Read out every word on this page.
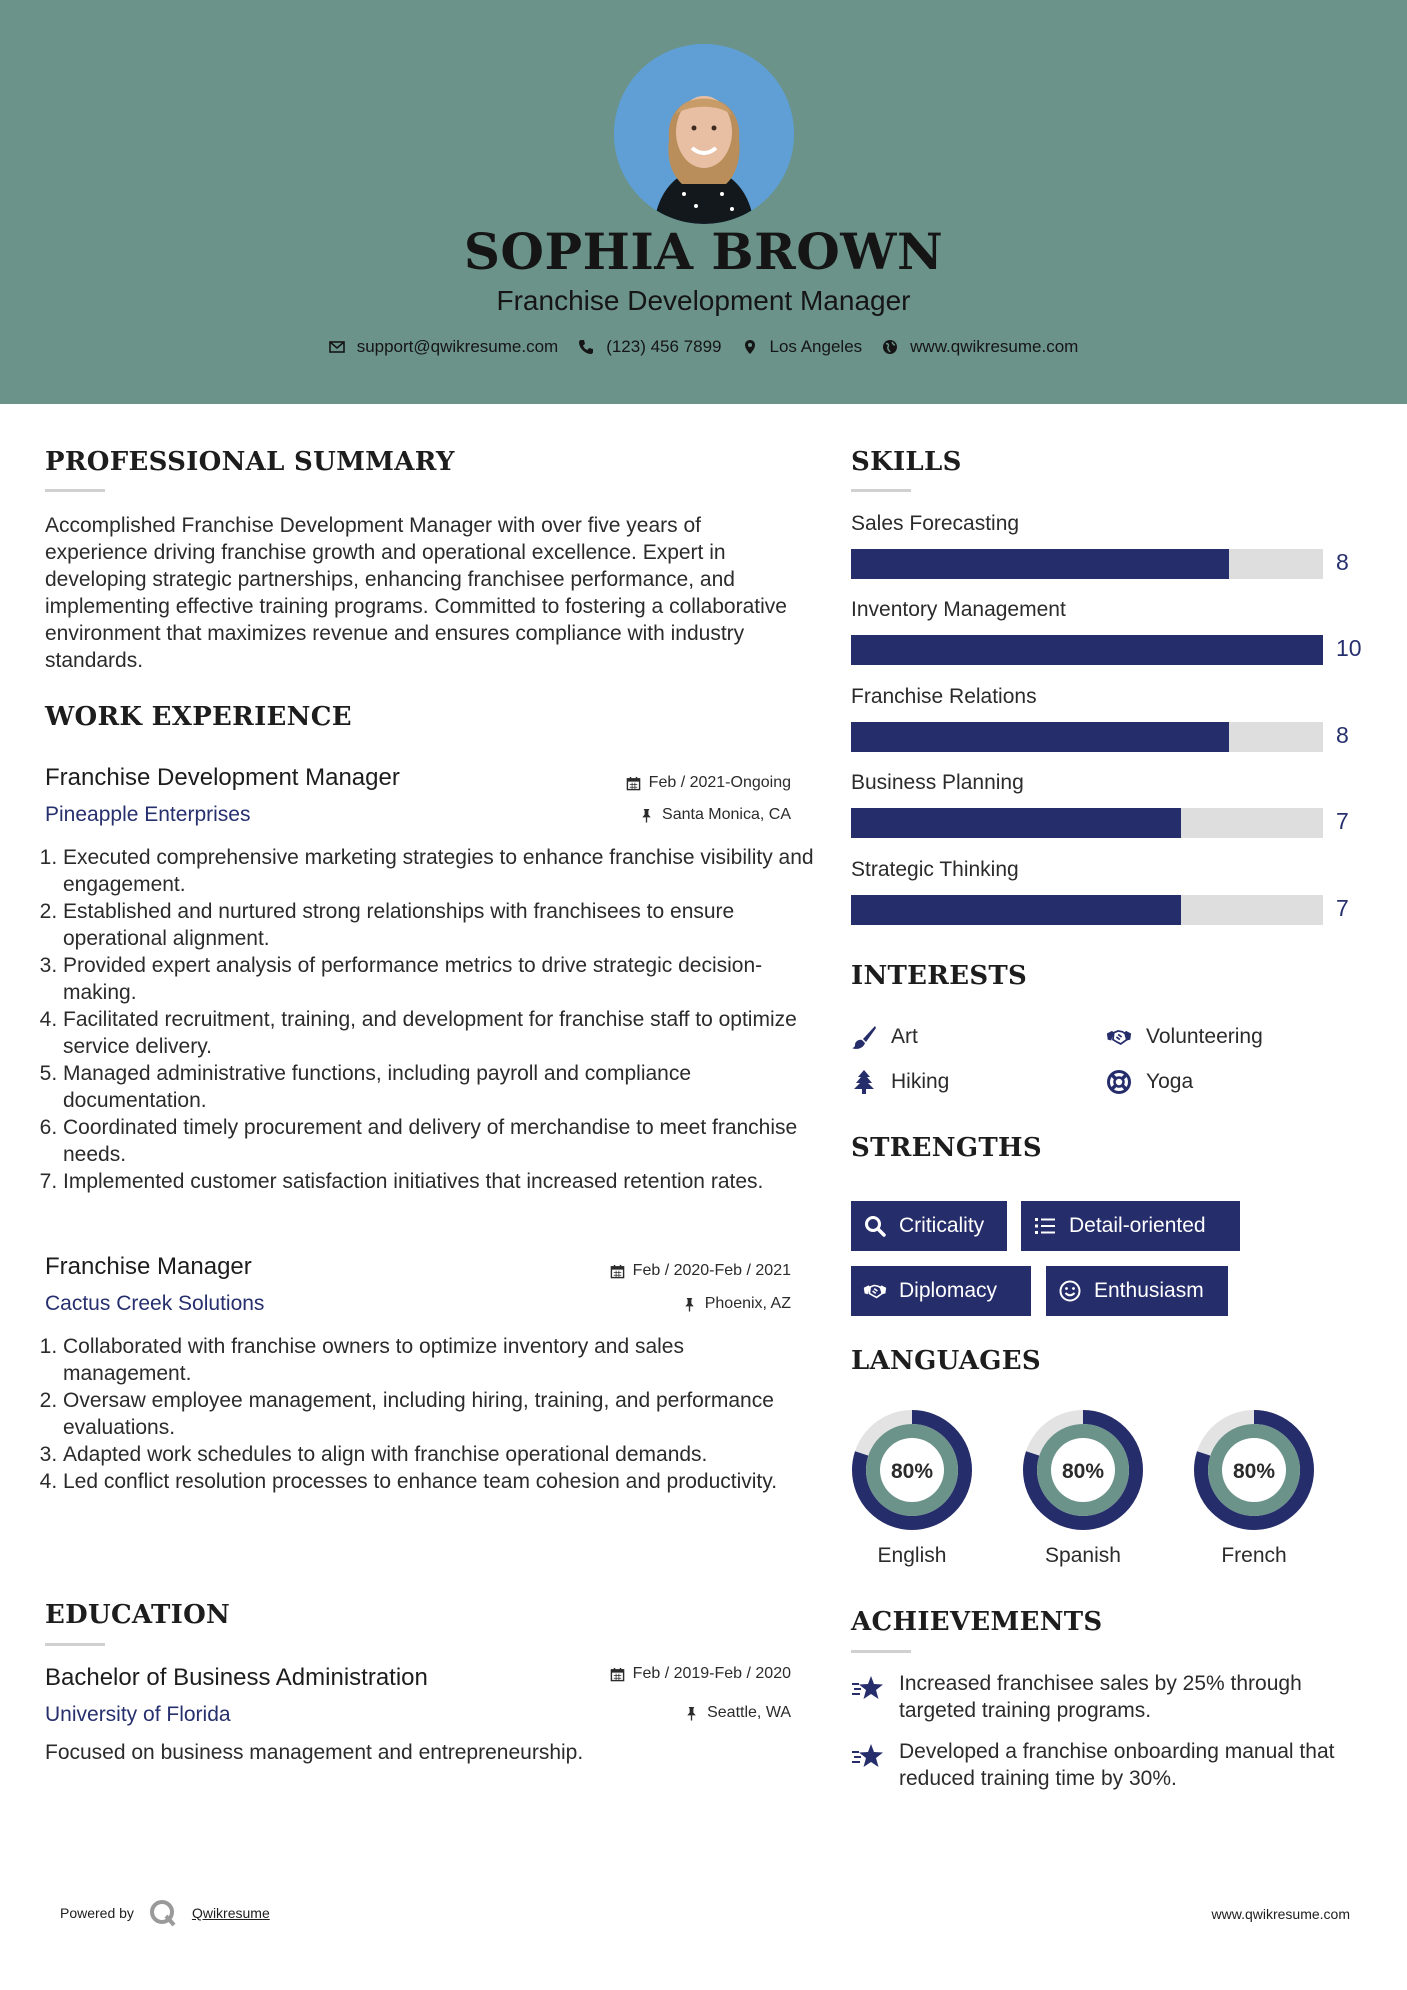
SOPHIA BROWN
Franchise Development Manager
support@qwikresume.com	(123) 456 7899	Los Angeles	www.qwikresume.com
PROFESSIONAL SUMMARY
Accomplished Franchise Development Manager with over five years of experience driving franchise growth and operational excellence. Expert in developing strategic partnerships, enhancing franchisee performance, and implementing effective training programs. Committed to fostering a collaborative environment that maximizes revenue and ensures compliance with industry standards.
WORK EXPERIENCE
Franchise Development Manager	Feb / 2021-Ongoing
Pineapple Enterprises	Santa Monica, CA
1. Executed comprehensive marketing strategies to enhance franchise visibility and engagement.
2. Established and nurtured strong relationships with franchisees to ensure operational alignment.
3. Provided expert analysis of performance metrics to drive strategic decision-making.
4. Facilitated recruitment, training, and development for franchise staff to optimize service delivery.
5. Managed administrative functions, including payroll and compliance documentation.
6. Coordinated timely procurement and delivery of merchandise to meet franchise needs.
7. Implemented customer satisfaction initiatives that increased retention rates.
Franchise Manager	Feb / 2020-Feb / 2021
Cactus Creek Solutions	Phoenix, AZ
1. Collaborated with franchise owners to optimize inventory and sales management.
2. Oversaw employee management, including hiring, training, and performance evaluations.
3. Adapted work schedules to align with franchise operational demands.
4. Led conflict resolution processes to enhance team cohesion and productivity.
EDUCATION
Bachelor of Business Administration	Feb / 2019-Feb / 2020
University of Florida	Seattle, WA
Focused on business management and entrepreneurship.
SKILLS
Sales Forecasting
8
Inventory Management
10
Franchise Relations
8
Business Planning
7
Strategic Thinking
7
INTERESTS
Art	Volunteering
Hiking	Yoga
STRENGTHS
Criticality	Detail-oriented
Diplomacy	Enthusiasm
LANGUAGES
80%
English
80%
Spanish
80%
French
ACHIEVEMENTS
Increased franchisee sales by 25% through targeted training programs.
Developed a franchise onboarding manual that reduced training time by 30%.
Powered by	Qwikresume	www.qwikresume.com
